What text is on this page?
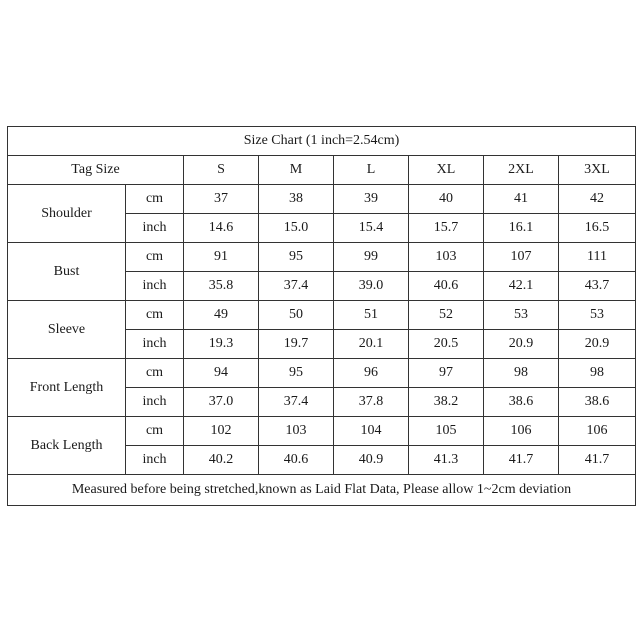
Size Chart (1 inch=2.54cm)							
Tag Size		S	M	L	XL	2XL	3XL
Shoulder	cm	37	38	39	40	41	42
	inch	14.6	15.0	15.4	15.7	16.1	16.5
Bust	cm	91	95	99	103	107	111
	inch	35.8	37.4	39.0	40.6	42.1	43.7
Sleeve	cm	49	50	51	52	53	53
	inch	19.3	19.7	20.1	20.5	20.9	20.9
Front Length	cm	94	95	96	97	98	98
	inch	37.0	37.4	37.8	38.2	38.6	38.6
Back Length	cm	102	103	104	105	106	106
	inch	40.2	40.6	40.9	41.3	41.7	41.7
Measured before being stretched,known as Laid Flat Data, Please allow 1~2cm deviation							
